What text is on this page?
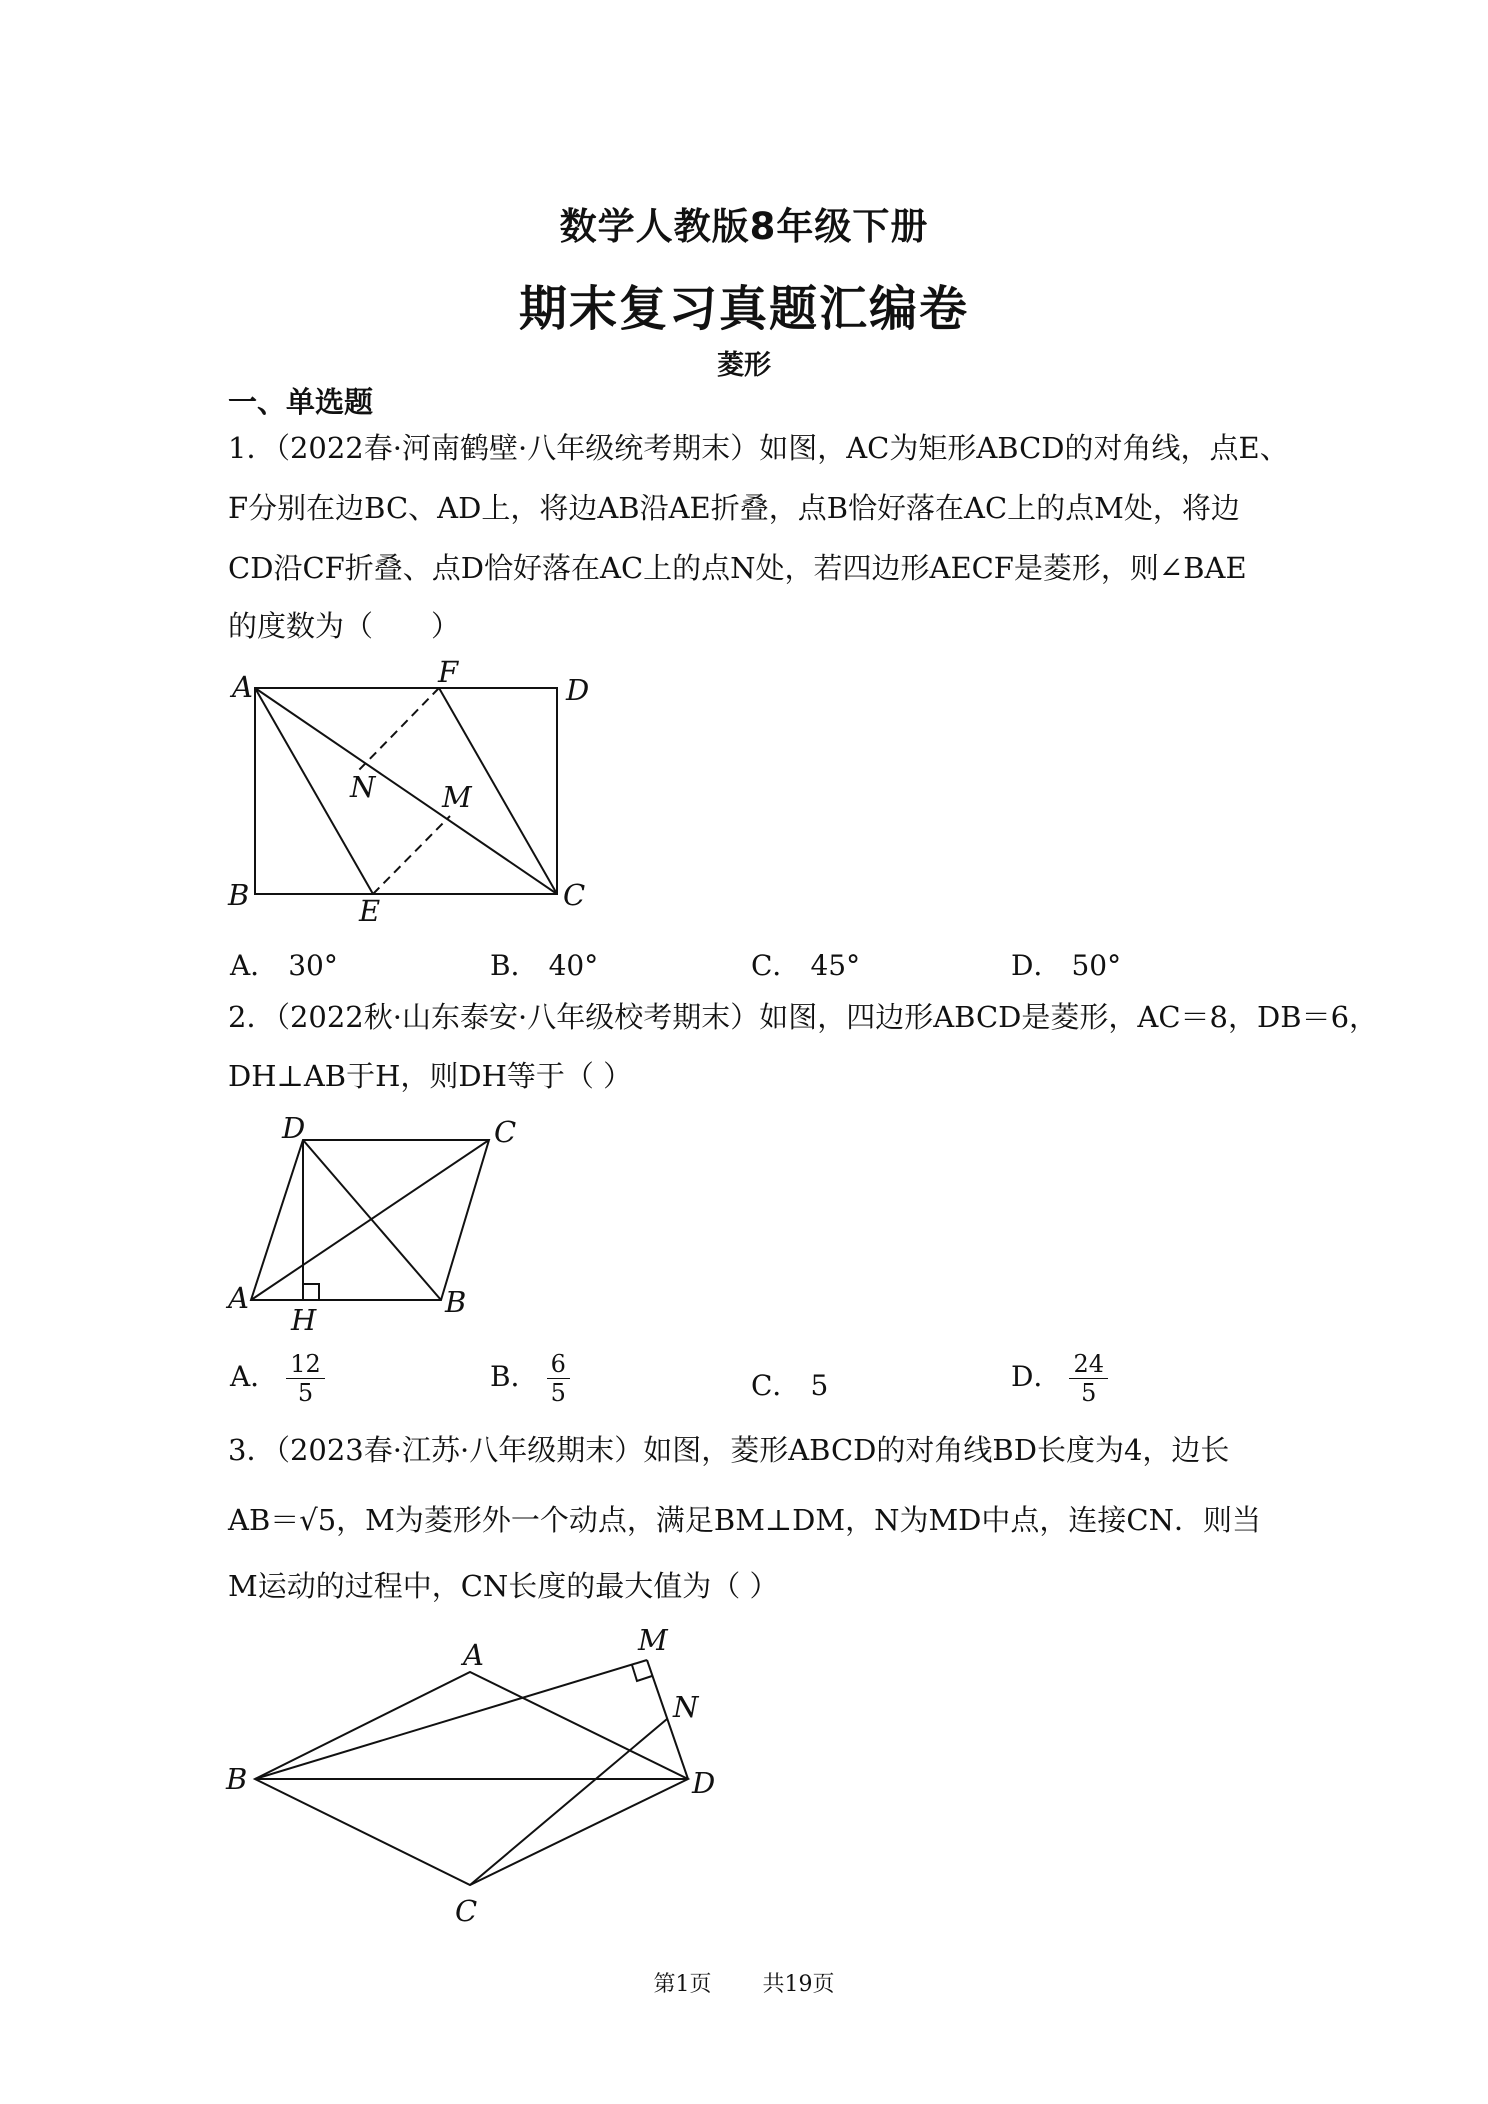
数学人教版8年级下册
期末复习真题汇编卷
菱形
一、单选题
1．（2022春·河南鹤壁·八年级统考期末）如图，AC为矩形ABCD的对角线，点E、
F分别在边BC、AD上，将边AB沿AE折叠，点B恰好落在AC上的点M处，将边
CD沿CF折叠、点D恰好落在AC上的点N处，若四边形AECF是菱形，则∠BAE
的度数为（　　）
A	F
D
N M
B	E	C
A． 30°	B． 40°	C． 45°	D． 50°
2．（2022秋·山东泰安·八年级校考期末）如图，四边形ABCD是菱形，AC＝8，DB＝6，
DH⊥AB于H，则DH等于（ ）
D	C
A
H
B
A． $\frac{12}{5}$	B． $\frac{6}{5}$	C． 5	D． $\frac{24}{5}$
3．（2023春·江苏·八年级期末）如图，菱形ABCD的对角线BD长度为4，边长
AB＝√5，M为菱形外一个动点，满足BM⊥DM，N为MD中点，连接CN．则当
M运动的过程中，CN长度的最大值为（ ）
A	M
N
B	D
C
第1页 共19页
